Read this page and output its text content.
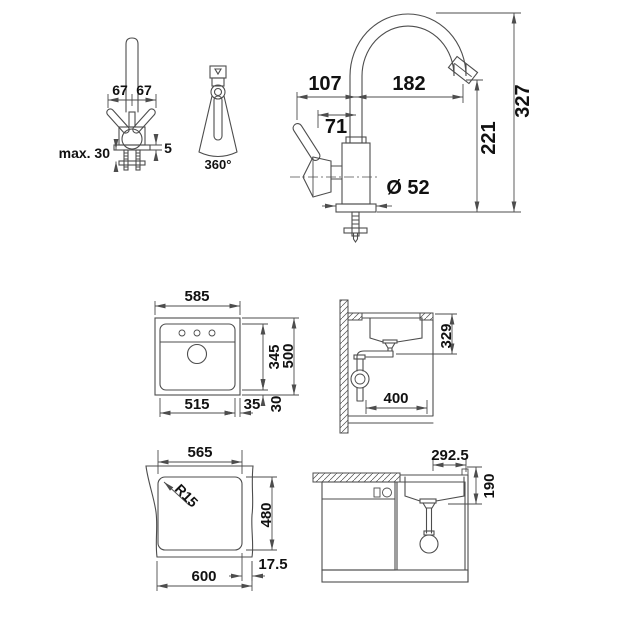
67 67
max. 30	5
360°
107	182
71
327
221
Ø 52
585
345
500
515 35 30
329
400
R15
565
480
600
17.5
292.5
190
